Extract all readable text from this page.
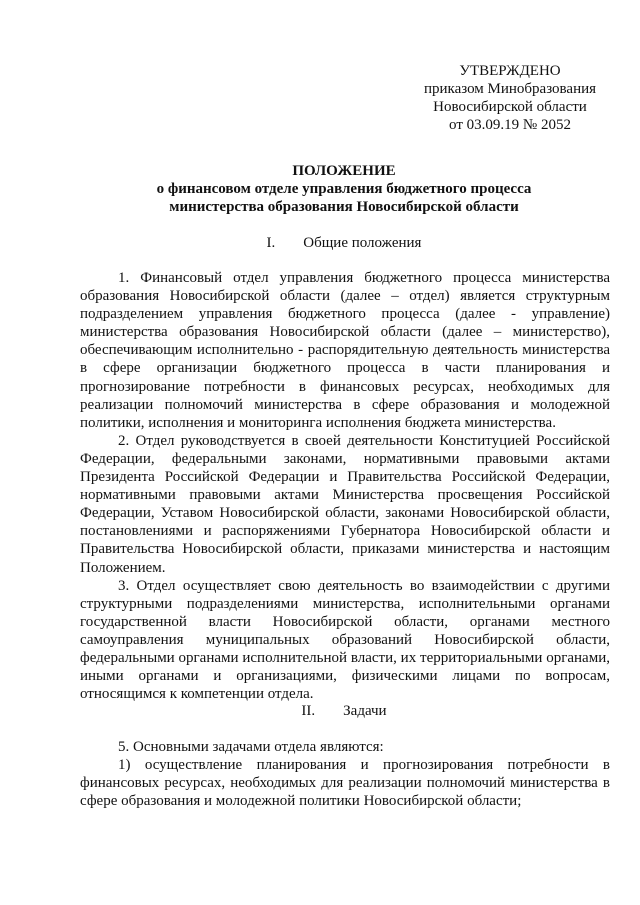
УТВЕРЖДЕНО
приказом Минобразования
Новосибирской области
от 03.09.19 № 2052
ПОЛОЖЕНИЕ
о финансовом отделе управления бюджетного процесса
министерства образования Новосибирской области
I. Общие положения

1. Финансовый отдел управления бюджетного процесса министерства образования Новосибирской области (далее – отдел) является структурным подразделением управления бюджетного процесса (далее - управление) министерства образования Новосибирской области (далее – министерство), обеспечивающим исполнительно - распорядительную деятельность министерства в сфере организации бюджетного процесса в части планирования и прогнозирование потребности в финансовых ресурсах, необходимых для реализации полномочий министерства в сфере образования и молодежной политики, исполнения и мониторинга исполнения бюджета министерства.

2. Отдел руководствуется в своей деятельности Конституцией Российской Федерации, федеральными законами, нормативными правовыми актами Президента Российской Федерации и Правительства Российской Федерации, нормативными правовыми актами Министерства просвещения Российской Федерации, Уставом Новосибирской области, законами Новосибирской области, постановлениями и распоряжениями Губернатора Новосибирской области и Правительства Новосибирской области, приказами министерства и настоящим Положением.

3. Отдел осуществляет свою деятельность во взаимодействии с другими структурными подразделениями министерства, исполнительными органами государственной власти Новосибирской области, органами местного самоуправления муниципальных образований Новосибирской области, федеральными органами исполнительной власти, их территориальными органами, иными органами и организациями, физическими лицами по вопросам, относящимся к компетенции отдела.

II. Задачи

5. Основными задачами отдела являются:

1) осуществление планирования и прогнозирования потребности в финансовых ресурсах, необходимых для реализации полномочий министерства в сфере образования и молодежной политики Новосибирской области;
